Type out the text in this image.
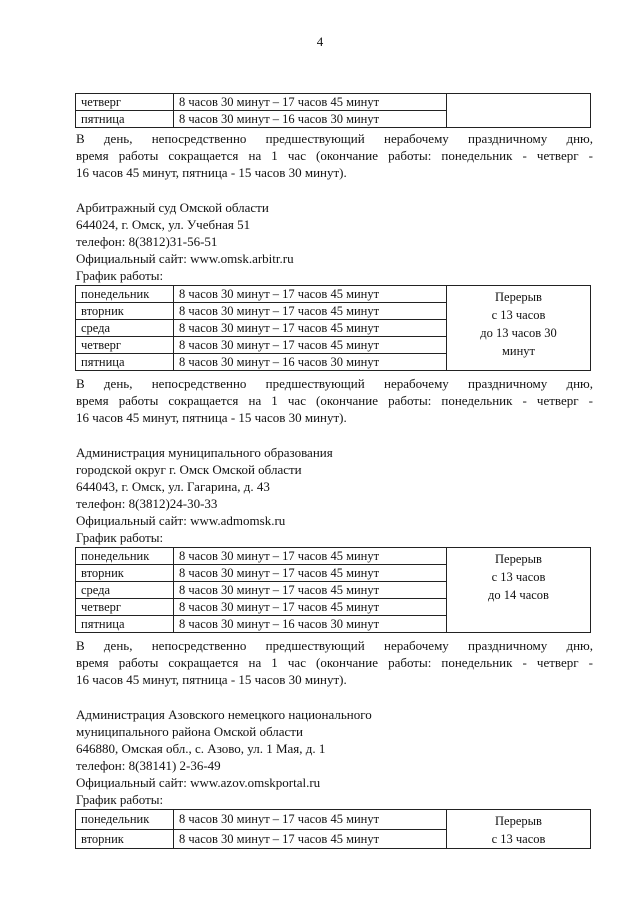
4
четверг	8 часов 30 минут – 17 часов 45 минут	
пятница	8 часов 30 минут – 16 часов 30 минут	
В день, непосредственно предшествующий нерабочему праздничному дню,
время работы сокращается на 1 час (окончание работы: понедельник - четверг -
16 часов 45 минут, пятница - 15 часов 30 минут).
Арбитражный суд Омской области
644024, г. Омск, ул. Учебная 51
телефон: 8(3812)31-56-51
Официальный сайт: www.omsk.arbitr.ru
График работы:
понедельник	8 часов 30 минут – 17 часов 45 минут	Перерыв
с 13 часов
до 13 часов 30
минут

вторник	8 часов 30 минут – 17 часов 45 минут	
среда	8 часов 30 минут – 17 часов 45 минут	
четверг	8 часов 30 минут – 17 часов 45 минут	
пятница	8 часов 30 минут – 16 часов 30 минут	
В день, непосредственно предшествующий нерабочему праздничному дню,
время работы сокращается на 1 час (окончание работы: понедельник - четверг -
16 часов 45 минут, пятница - 15 часов 30 минут).
Администрация муниципального образования
городской округ г. Омск Омской области
644043, г. Омск, ул. Гагарина, д. 43
телефон: 8(3812)24-30-33
Официальный сайт: www.admomsk.ru
График работы:
понедельник	8 часов 30 минут – 17 часов 45 минут	Перерыв
с 13 часов
до 14 часов

вторник	8 часов 30 минут – 17 часов 45 минут	
среда	8 часов 30 минут – 17 часов 45 минут	
четверг	8 часов 30 минут – 17 часов 45 минут	
пятница	8 часов 30 минут – 16 часов 30 минут	
В день, непосредственно предшествующий нерабочему праздничному дню,
время работы сокращается на 1 час (окончание работы: понедельник - четверг -
16 часов 45 минут, пятница - 15 часов 30 минут).
Администрация Азовского немецкого национального
муниципального района Омской области
646880, Омская обл., с. Азово, ул. 1 Мая, д. 1
телефон: 8(38141) 2-36-49
Официальный сайт: www.azov.omskportal.ru
График работы:
понедельник	8 часов 30 минут – 17 часов 45 минут	Перерыв
с 13 часов

вторник	8 часов 30 минут – 17 часов 45 минут	
